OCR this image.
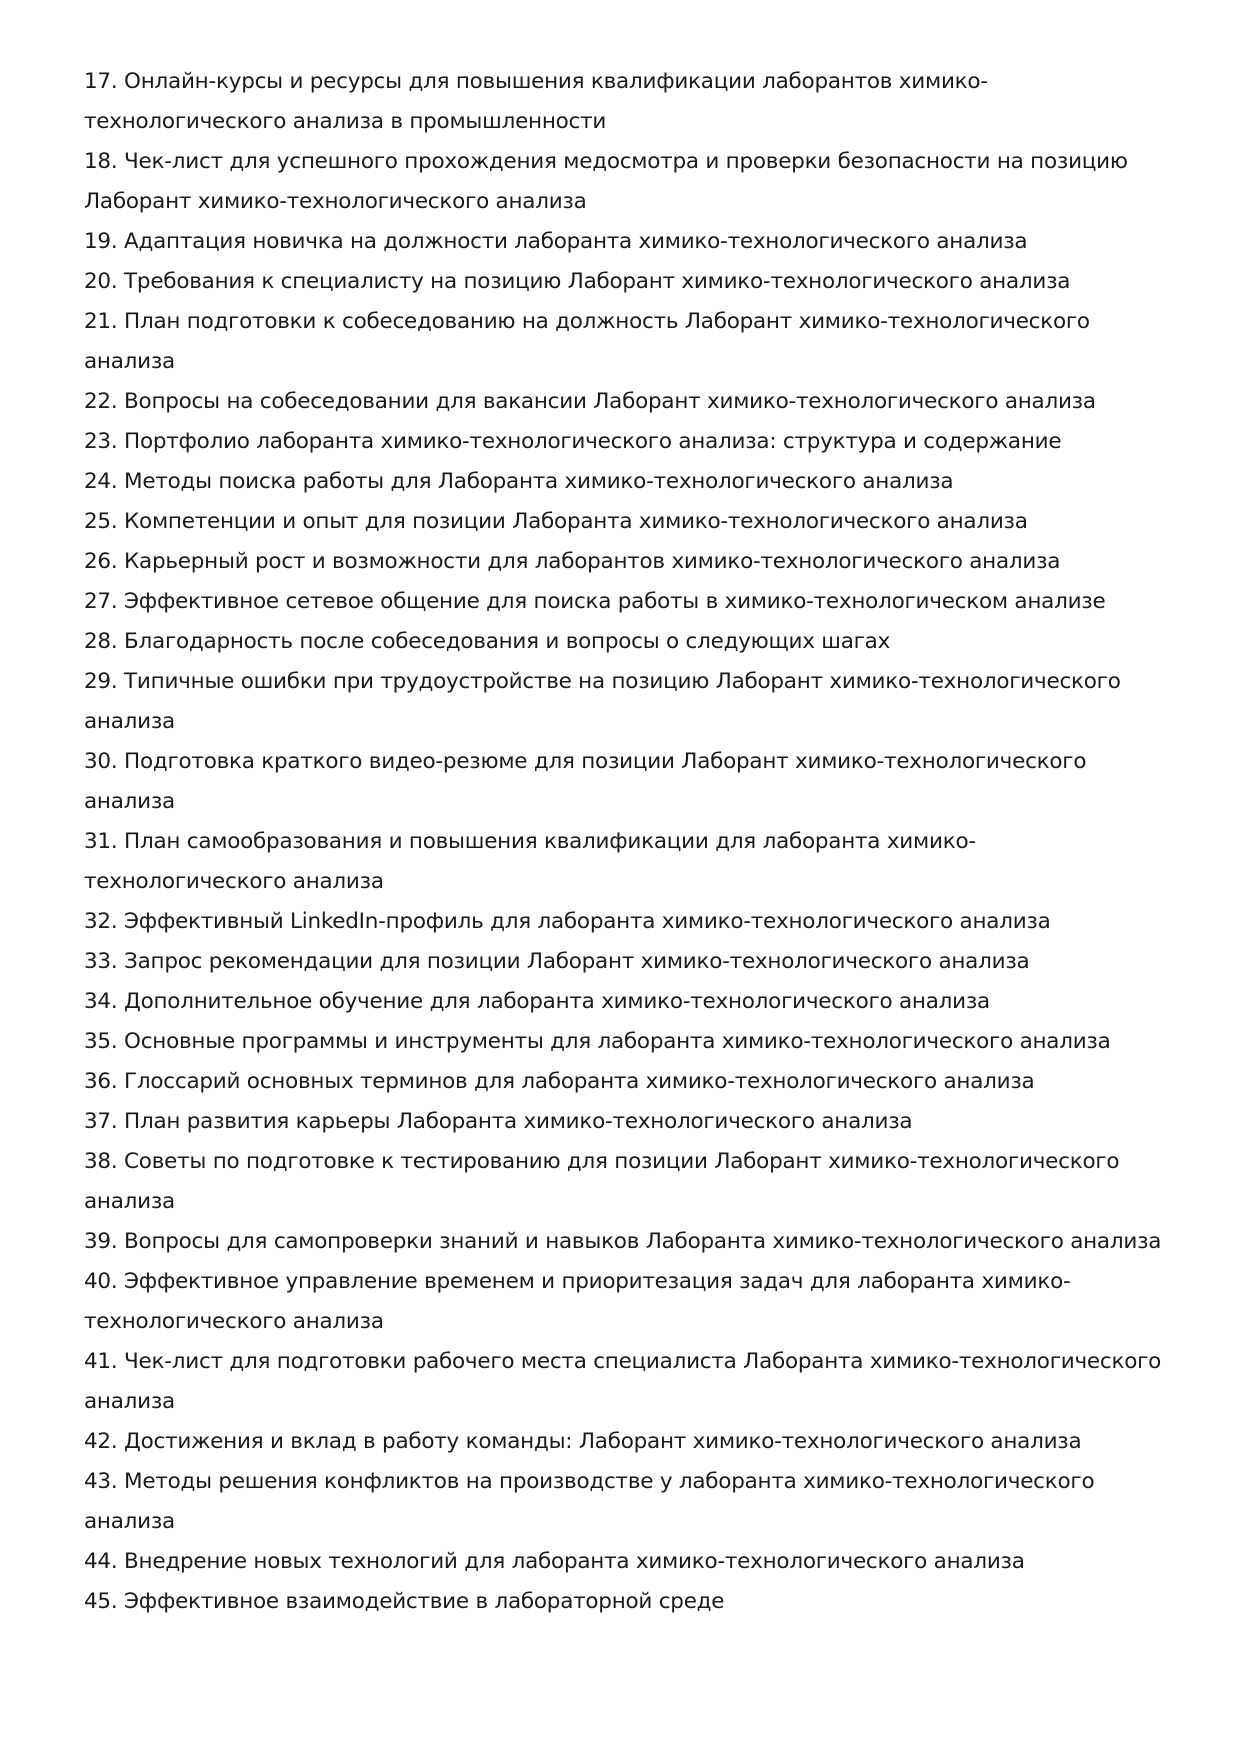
17. Онлайн-курсы и ресурсы для повышения квалификации лаборантов химико-технологического анализа в промышленности
18. Чек-лист для успешного прохождения медосмотра и проверки безопасности на позицию Лаборант химико-технологического анализа
19. Адаптация новичка на должности лаборанта химико-технологического анализа
20. Требования к специалисту на позицию Лаборант химико-технологического анализа
21. План подготовки к собеседованию на должность Лаборант химико-технологического анализа
22. Вопросы на собеседовании для вакансии Лаборант химико-технологического анализа
23. Портфолио лаборанта химико-технологического анализа: структура и содержание
24. Методы поиска работы для Лаборанта химико-технологического анализа
25. Компетенции и опыт для позиции Лаборанта химико-технологического анализа
26. Карьерный рост и возможности для лаборантов химико-технологического анализа
27. Эффективное сетевое общение для поиска работы в химико-технологическом анализе
28. Благодарность после собеседования и вопросы о следующих шагах
29. Типичные ошибки при трудоустройстве на позицию Лаборант химико-технологического анализа
30. Подготовка краткого видео-резюме для позиции Лаборант химико-технологического анализа
31. План самообразования и повышения квалификации для лаборанта химико-технологического анализа
32. Эффективный LinkedIn-профиль для лаборанта химико-технологического анализа
33. Запрос рекомендации для позиции Лаборант химико-технологического анализа
34. Дополнительное обучение для лаборанта химико-технологического анализа
35. Основные программы и инструменты для лаборанта химико-технологического анализа
36. Глоссарий основных терминов для лаборанта химико-технологического анализа
37. План развития карьеры Лаборанта химико-технологического анализа
38. Советы по подготовке к тестированию для позиции Лаборант химико-технологического анализа
39. Вопросы для самопроверки знаний и навыков Лаборанта химико-технологического анализа
40. Эффективное управление временем и приоритезация задач для лаборанта химико-технологического анализа
41. Чек-лист для подготовки рабочего места специалиста Лаборанта химико-технологического анализа
42. Достижения и вклад в работу команды: Лаборант химико-технологического анализа
43. Методы решения конфликтов на производстве у лаборанта химико-технологического анализа
44. Внедрение новых технологий для лаборанта химико-технологического анализа
45. Эффективное взаимодействие в лабораторной среде
